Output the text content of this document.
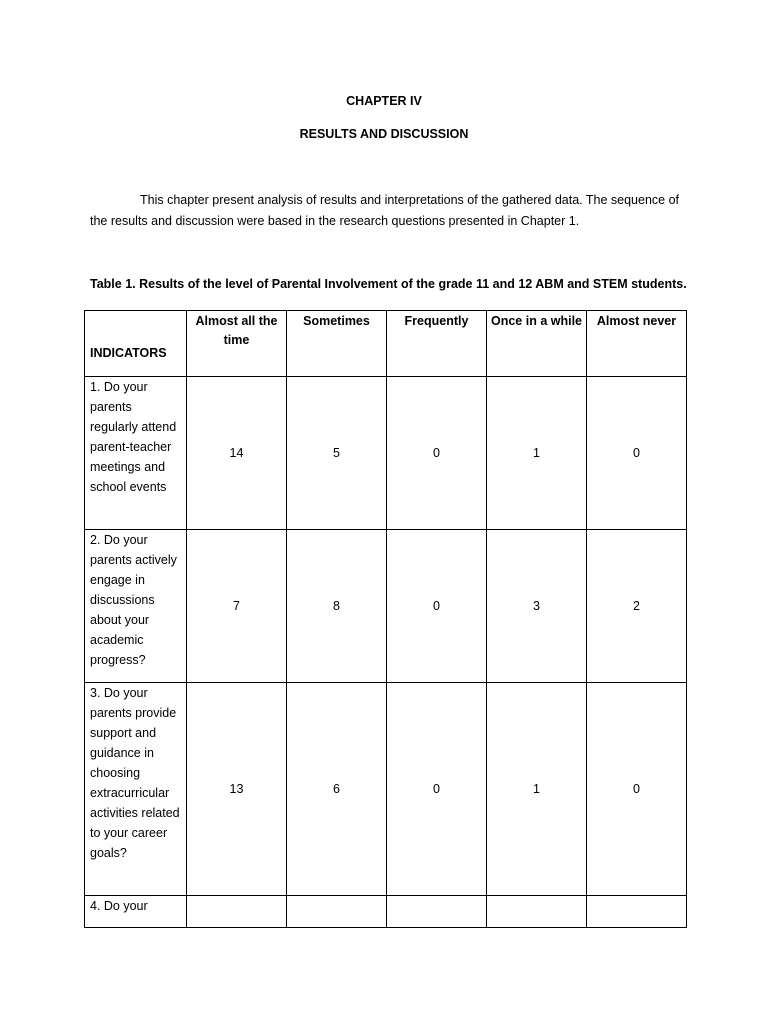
CHAPTER IV
RESULTS AND DISCUSSION

This chapter present analysis of results and interpretations of the gathered data. The sequence of the results and discussion were based in the research questions presented in Chapter 1.

Table 1. Results of the level of Parental Involvement of the grade 11 and 12 ABM and STEM students.
INDICATORS	Almost all the time	Sometimes	Frequently	Once in a while	Almost never
1. Do your parents regularly attend parent-teacher meetings and school events	14	5	0	1	0
2. Do your parents actively engage in discussions about your academic progress?	7	8	0	3	2
3. Do your parents provide support and guidance in choosing extracurricular activities related to your career goals?	13	6	0	1	0
4. Do your					
